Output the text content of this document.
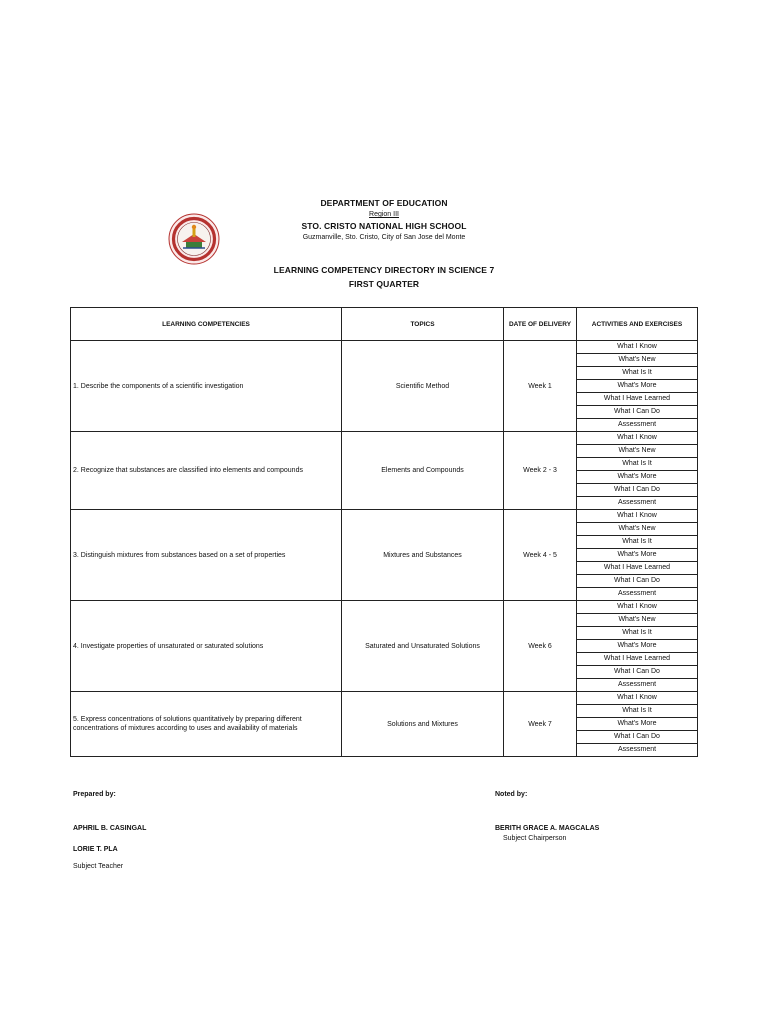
DEPARTMENT OF EDUCATION
Region III
STO. CRISTO NATIONAL HIGH SCHOOL
Guzmanville, Sto. Cristo, City of San Jose del Monte
LEARNING COMPETENCY DIRECTORY IN SCIENCE 7
FIRST QUARTER
LEARNING COMPETENCIES	TOPICS	DATE OF DELIVERY	ACTIVITIES AND EXERCISES
1. Describe the components of a scientific investigation	Scientific Method	Week 1	What I Know
			What's New
			What Is It
			What's More
			What I Have Learned
			What I Can Do
			Assessment
2. Recognize that substances are classified into elements and compounds	Elements and Compounds	Week 2 - 3	What I Know
			What's New
			What Is It
			What's More
			What I Can Do
			Assessment
3. Distinguish mixtures from substances based on a set of properties	Mixtures and Substances	Week 4 - 5	What I Know
			What's New
			What Is It
			What's More
			What I Have Learned
			What I Can Do
			Assessment
4. Investigate properties of unsaturated or saturated solutions	Saturated and Unsaturated Solutions	Week 6	What I Know
			What's New
			What Is It
			What's More
			What I Have Learned
			What I Can Do
			Assessment
5. Express concentrations of solutions quantitatively by preparing different concentrations of mixtures according to uses and availability of materials	Solutions and Mixtures	Week 7	What I Know
			What Is It
			What's More
			What I Can Do
			Assessment
Prepared by:	Noted by:
APHRIL B. CASINGAL	BERITH GRACE A. MAGCALAS
Subject Chairperson
LORIE T. PLA
Subject Teacher
